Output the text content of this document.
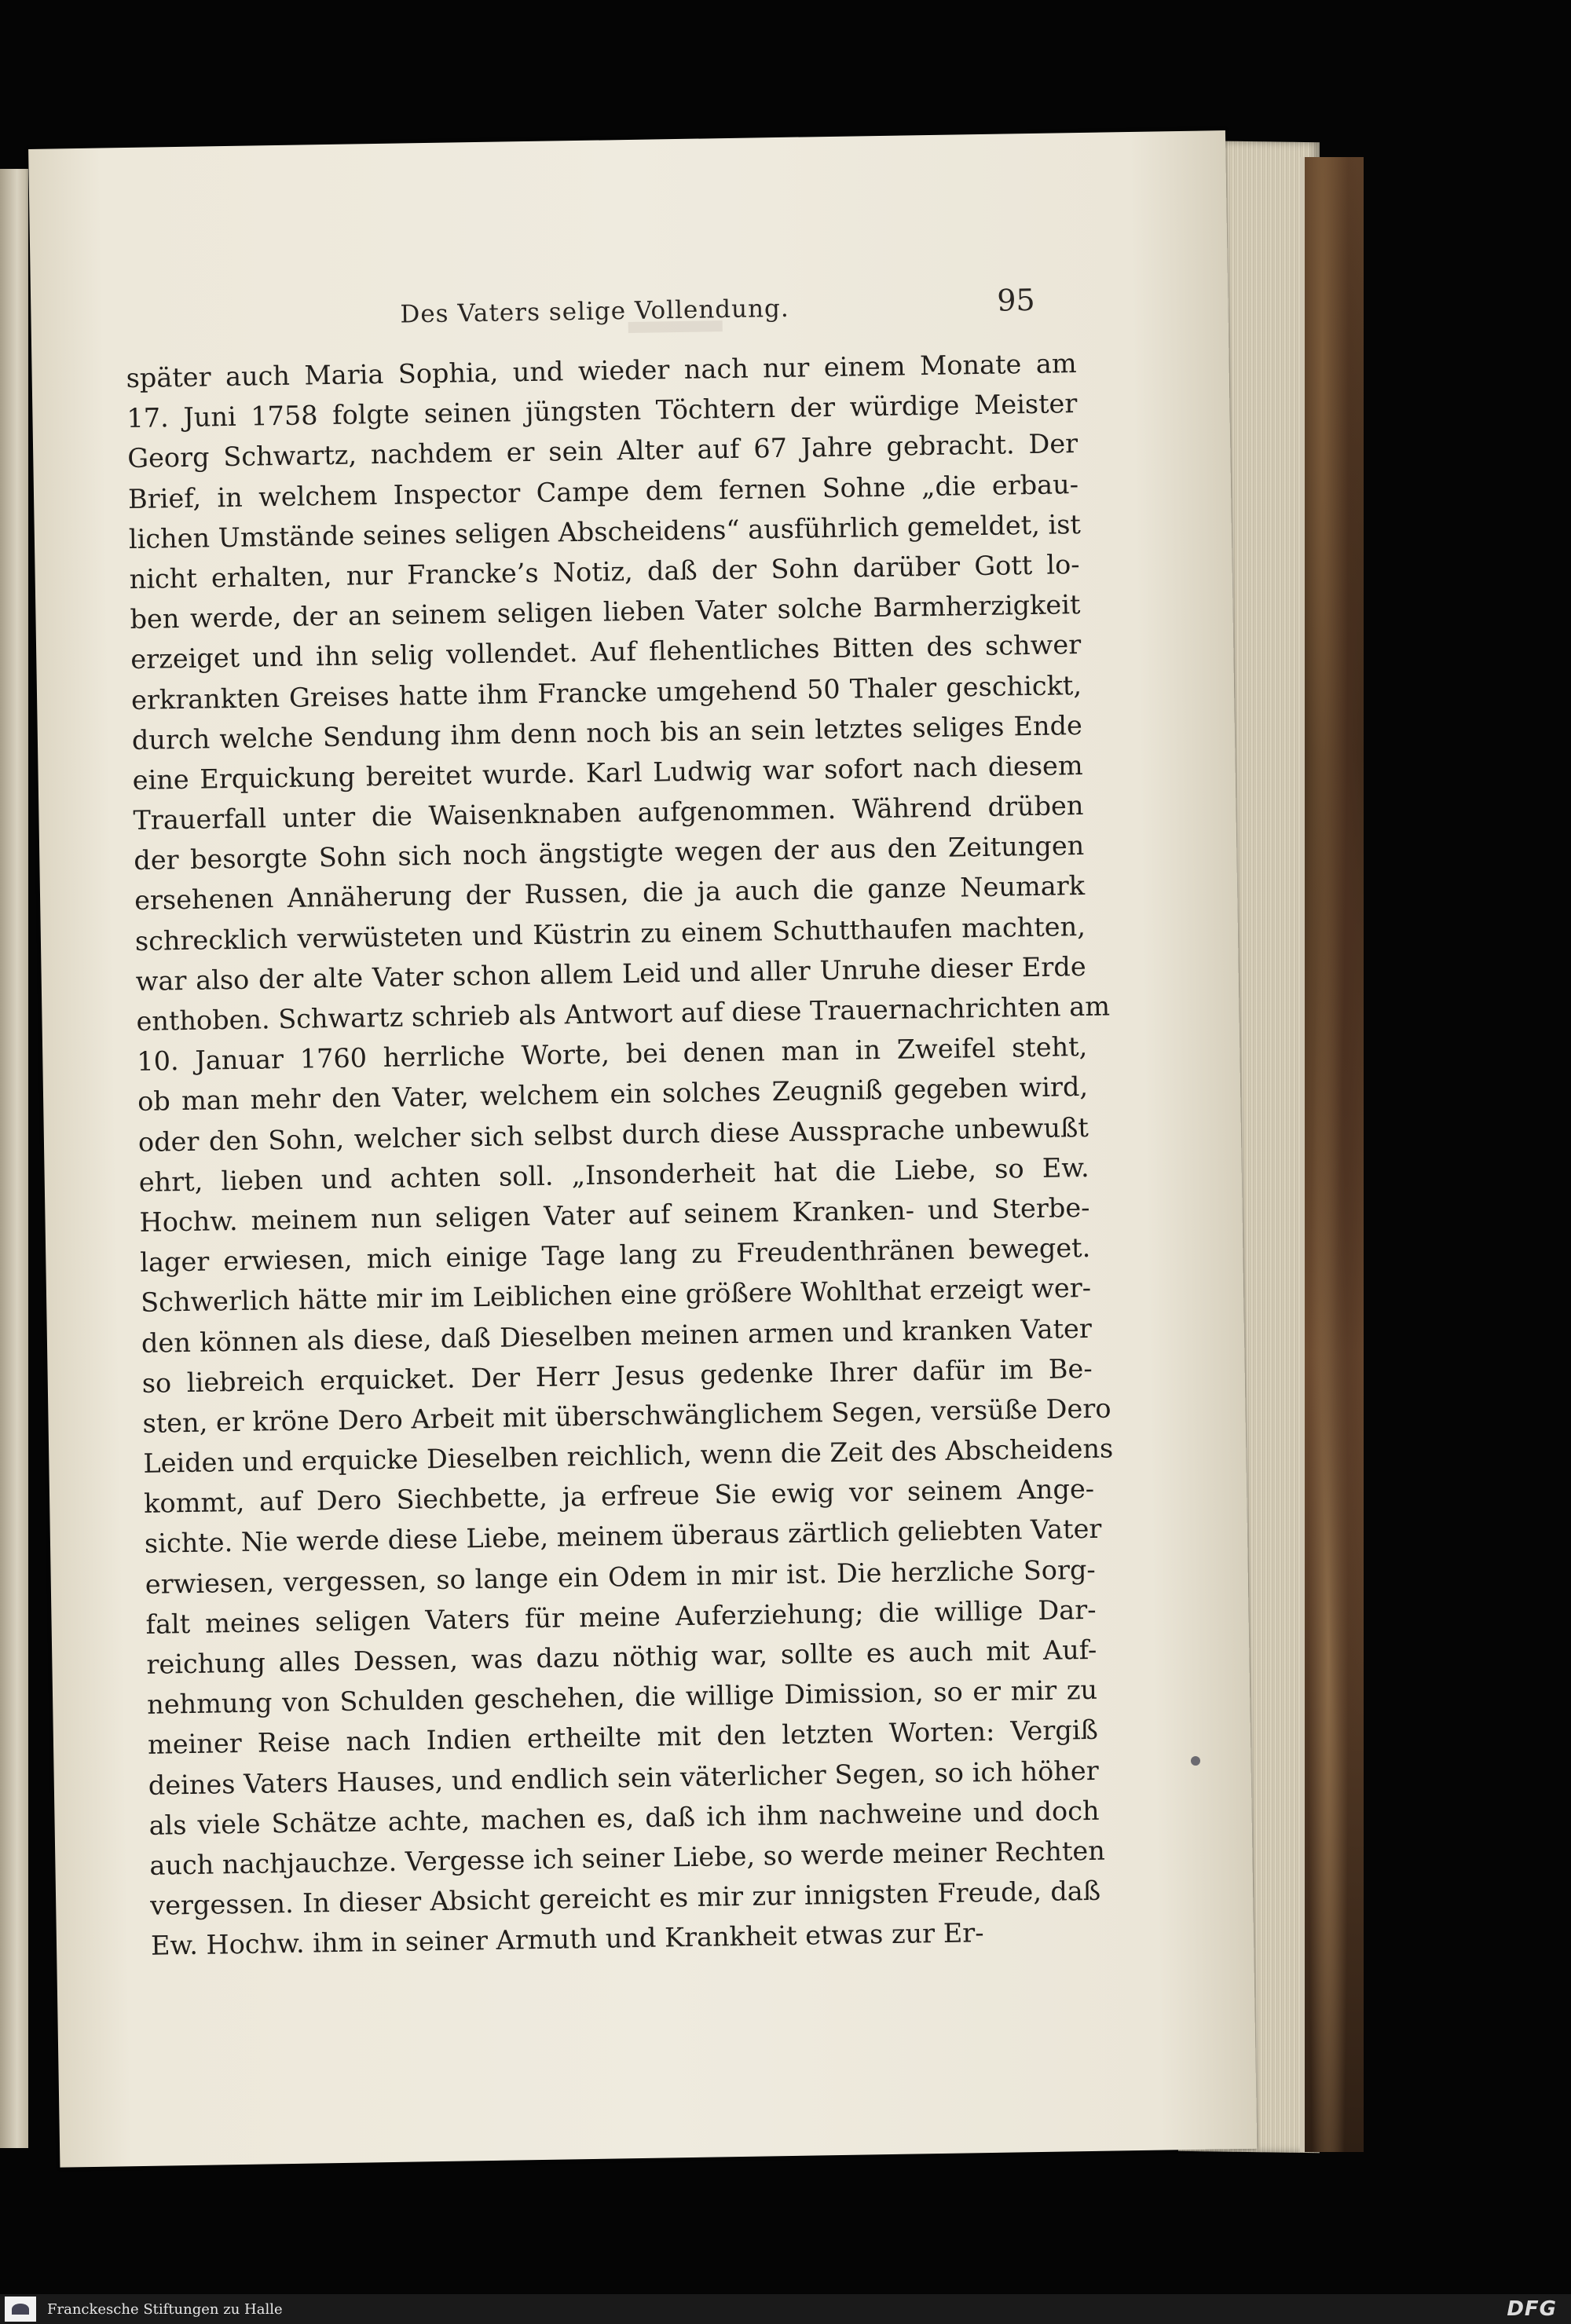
Des Vaters selige Vollendung.	95
später auch Maria Sophia, und wieder nach nur einem Monate am
17. Juni 1758 folgte seinen jüngsten Töchtern der würdige Meister
Georg Schwartz, nachdem er sein Alter auf 67 Jahre gebracht. Der
Brief, in welchem Inspector Campe dem fernen Sohne „die erbau-
lichen Umstände seines seligen Abscheidens“ ausführlich gemeldet, ist
nicht erhalten, nur Francke’s Notiz, daß der Sohn darüber Gott lo-
ben werde, der an seinem seligen lieben Vater solche Barmherzigkeit
erzeiget und ihn selig vollendet. Auf flehentliches Bitten des schwer
erkrankten Greises hatte ihm Francke umgehend 50 Thaler geschickt,
durch welche Sendung ihm denn noch bis an sein letztes seliges Ende
eine Erquickung bereitet wurde. Karl Ludwig war sofort nach diesem
Trauerfall unter die Waisenknaben aufgenommen. Während drüben
der besorgte Sohn sich noch ängstigte wegen der aus den Zeitungen
ersehenen Annäherung der Russen, die ja auch die ganze Neumark
schrecklich verwüsteten und Küstrin zu einem Schutthaufen machten,
war also der alte Vater schon allem Leid und aller Unruhe dieser Erde
enthoben. Schwartz schrieb als Antwort auf diese Trauernachrichten am
10. Januar 1760 herrliche Worte, bei denen man in Zweifel steht,
ob man mehr den Vater, welchem ein solches Zeugniß gegeben wird,
oder den Sohn, welcher sich selbst durch diese Aussprache unbewußt
ehrt, lieben und achten soll. „Insonderheit hat die Liebe, so Ew.
Hochw. meinem nun seligen Vater auf seinem Kranken- und Sterbe-
lager erwiesen, mich einige Tage lang zu Freudenthränen beweget.
Schwerlich hätte mir im Leiblichen eine größere Wohlthat erzeigt wer-
den können als diese, daß Dieselben meinen armen und kranken Vater
so liebreich erquicket. Der Herr Jesus gedenke Ihrer dafür im Be-
sten, er kröne Dero Arbeit mit überschwänglichem Segen, versüße Dero
Leiden und erquicke Dieselben reichlich, wenn die Zeit des Abscheidens
kommt, auf Dero Siechbette, ja erfreue Sie ewig vor seinem Ange-
sichte. Nie werde diese Liebe, meinem überaus zärtlich geliebten Vater
erwiesen, vergessen, so lange ein Odem in mir ist. Die herzliche Sorg-
falt meines seligen Vaters für meine Auferziehung; die willige Dar-
reichung alles Dessen, was dazu nöthig war, sollte es auch mit Auf-
nehmung von Schulden geschehen, die willige Dimission, so er mir zu
meiner Reise nach Indien ertheilte mit den letzten Worten: Vergiß
deines Vaters Hauses, und endlich sein väterlicher Segen, so ich höher
als viele Schätze achte, machen es, daß ich ihm nachweine und doch
auch nachjauchze. Vergesse ich seiner Liebe, so werde meiner Rechten
vergessen. In dieser Absicht gereicht es mir zur innigsten Freude, daß
Ew. Hochw. ihm in seiner Armuth und Krankheit etwas zur Er-
Franckesche Stiftungen zu Halle	DFG
